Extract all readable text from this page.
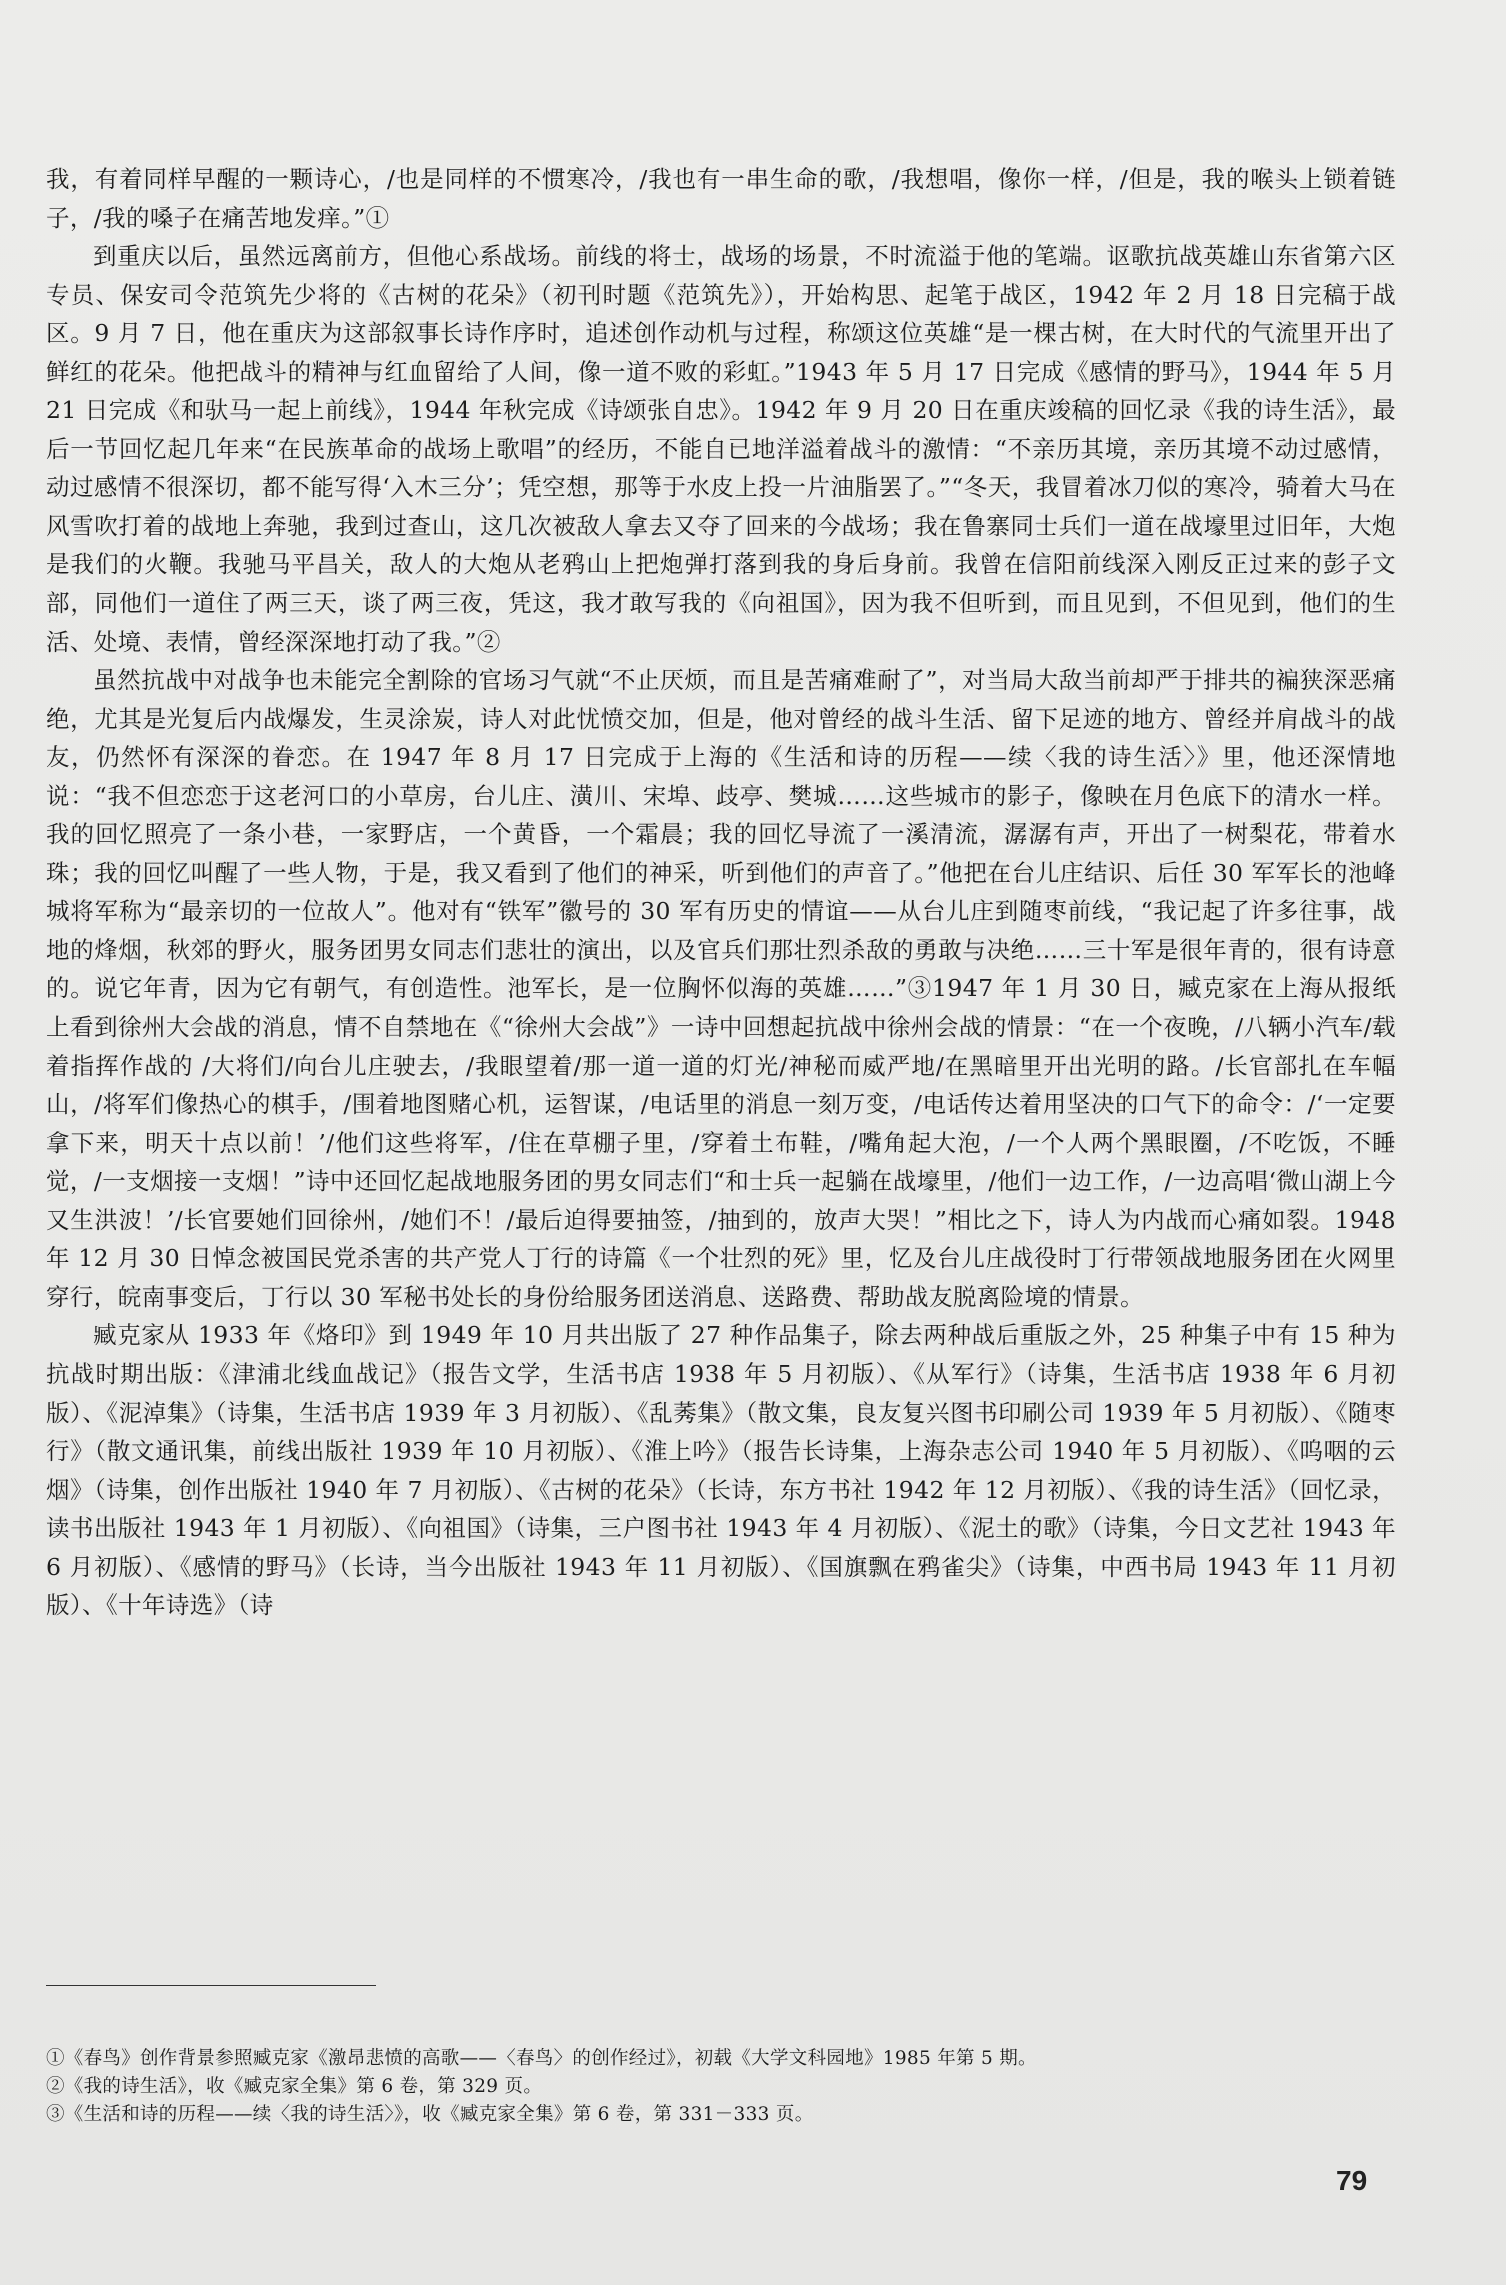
我，有着同样早醒的一颗诗心，/也是同样的不惯寒冷，/我也有一串生命的歌，/我想唱，像你一样，/但是，我的喉头上锁着链子，/我的嗓子在痛苦地发痒。”①

到重庆以后，虽然远离前方，但他心系战场。前线的将士，战场的场景，不时流溢于他的笔端。讴歌抗战英雄山东省第六区专员、保安司令范筑先少将的《古树的花朵》（初刊时题《范筑先》），开始构思、起笔于战区，1942 年 2 月 18 日完稿于战区。9 月 7 日，他在重庆为这部叙事长诗作序时，追述创作动机与过程，称颂这位英雄“是一棵古树，在大时代的气流里开出了鲜红的花朵。他把战斗的精神与红血留给了人间，像一道不败的彩虹。”1943 年 5 月 17 日完成《感情的野马》，1944 年 5 月 21 日完成《和驮马一起上前线》，1944 年秋完成《诗颂张自忠》。1942 年 9 月 20 日在重庆竣稿的回忆录《我的诗生活》，最后一节回忆起几年来“在民族革命的战场上歌唱”的经历，不能自已地洋溢着战斗的激情：“不亲历其境，亲历其境不动过感情，动过感情不很深切，都不能写得‘入木三分’；凭空想，那等于水皮上投一片油脂罢了。”“冬天，我冒着冰刀似的寒冷，骑着大马在风雪吹打着的战地上奔驰，我到过查山，这几次被敌人拿去又夺了回来的今战场；我在鲁寨同士兵们一道在战壕里过旧年，大炮是我们的火鞭。我驰马平昌关，敌人的大炮从老鸦山上把炮弹打落到我的身后身前。我曾在信阳前线深入刚反正过来的彭子文部，同他们一道住了两三天，谈了两三夜，凭这，我才敢写我的《向祖国》，因为我不但听到，而且见到，不但见到，他们的生活、处境、表情，曾经深深地打动了我。”②

虽然抗战中对战争也未能完全割除的官场习气就“不止厌烦，而且是苦痛难耐了”，对当局大敌当前却严于排共的褊狭深恶痛绝，尤其是光复后内战爆发，生灵涂炭，诗人对此忧愤交加，但是，他对曾经的战斗生活、留下足迹的地方、曾经并肩战斗的战友，仍然怀有深深的眷恋。在 1947 年 8 月 17 日完成于上海的《生活和诗的历程——续〈我的诗生活〉》里，他还深情地说：“我不但恋恋于这老河口的小草房，台儿庄、潢川、宋埠、歧亭、樊城……这些城市的影子，像映在月色底下的清水一样。我的回忆照亮了一条小巷，一家野店，一个黄昏，一个霜晨；我的回忆导流了一溪清流，潺潺有声，开出了一树梨花，带着水珠；我的回忆叫醒了一些人物，于是，我又看到了他们的神采，听到他们的声音了。”他把在台儿庄结识、后任 30 军军长的池峰城将军称为“最亲切的一位故人”。他对有“铁军”徽号的 30 军有历史的情谊——从台儿庄到随枣前线，“我记起了许多往事，战地的烽烟，秋郊的野火，服务团男女同志们悲壮的演出，以及官兵们那壮烈杀敌的勇敢与决绝……三十军是很年青的，很有诗意的。说它年青，因为它有朝气，有创造性。池军长，是一位胸怀似海的英雄……”③1947 年 1 月 30 日，臧克家在上海从报纸上看到徐州大会战的消息，情不自禁地在《“徐州大会战”》一诗中回想起抗战中徐州会战的情景：“在一个夜晚，/八辆小汽车/载着指挥作战的 /大将们/向台儿庄驶去，/我眼望着/那一道一道的灯光/神秘而威严地/在黑暗里开出光明的路。/长官部扎在车幅山，/将军们像热心的棋手，/围着地图赌心机，运智谋，/电话里的消息一刻万变，/电话传达着用坚决的口气下的命令：/‘一定要拿下来，明天十点以前！’/他们这些将军，/住在草棚子里，/穿着土布鞋，/嘴角起大泡，/一个人两个黑眼圈，/不吃饭，不睡觉，/一支烟接一支烟！”诗中还回忆起战地服务团的男女同志们“和士兵一起躺在战壕里，/他们一边工作，/一边高唱‘微山湖上今又生洪波！’/长官要她们回徐州，/她们不！/最后迫得要抽签，/抽到的，放声大哭！”相比之下，诗人为内战而心痛如裂。1948 年 12 月 30 日悼念被国民党杀害的共产党人丁行的诗篇《一个壮烈的死》里，忆及台儿庄战役时丁行带领战地服务团在火网里穿行，皖南事变后，丁行以 30 军秘书处长的身份给服务团送消息、送路费、帮助战友脱离险境的情景。

臧克家从 1933 年《烙印》到 1949 年 10 月共出版了 27 种作品集子，除去两种战后重版之外，25 种集子中有 15 种为抗战时期出版：《津浦北线血战记》（报告文学，生活书店 1938 年 5 月初版）、《从军行》（诗集，生活书店 1938 年 6 月初版）、《泥淖集》（诗集，生活书店 1939 年 3 月初版）、《乱莠集》（散文集，良友复兴图书印刷公司 1939 年 5 月初版）、《随枣行》（散文通讯集，前线出版社 1939 年 10 月初版）、《淮上吟》（报告长诗集，上海杂志公司 1940 年 5 月初版）、《呜咽的云烟》（诗集，创作出版社 1940 年 7 月初版）、《古树的花朵》（长诗，东方书社 1942 年 12 月初版）、《我的诗生活》（回忆录，读书出版社 1943 年 1 月初版）、《向祖国》（诗集，三户图书社 1943 年 4 月初版）、《泥土的歌》（诗集，今日文艺社 1943 年 6 月初版）、《感情的野马》（长诗，当今出版社 1943 年 11 月初版）、《国旗飘在鸦雀尖》（诗集，中西书局 1943 年 11 月初版）、《十年诗选》（诗

①《春鸟》创作背景参照臧克家《激昂悲愤的高歌——〈春鸟〉的创作经过》，初载《大学文科园地》1985 年第 5 期。

②《我的诗生活》，收《臧克家全集》第 6 卷，第 329 页。

③《生活和诗的历程——续〈我的诗生活〉》，收《臧克家全集》第 6 卷，第 331－333 页。

79
